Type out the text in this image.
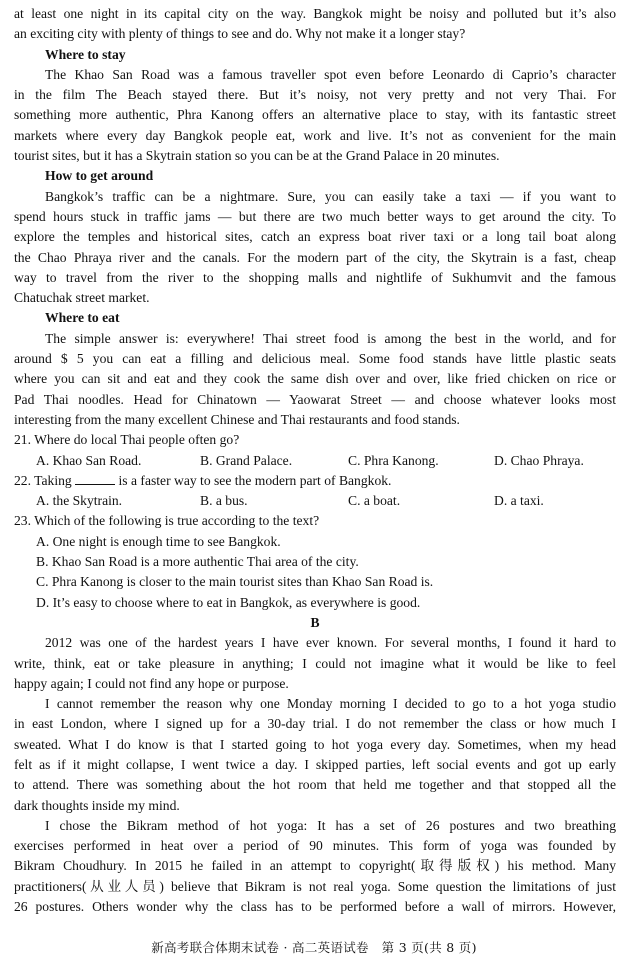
at least one night in its capital city on the way. Bangkok might be noisy and polluted but it’s also
an exciting city with plenty of things to see and do. Why not make it a longer stay?
Where to stay
The Khao San Road was a famous traveller spot even before Leonardo di Caprio’s character
in the film The Beach stayed there. But it’s noisy, not very pretty and not very Thai. For
something more authentic, Phra Kanong offers an alternative place to stay, with its fantastic street
markets where every day Bangkok people eat, work and live. It’s not as convenient for the main
tourist sites, but it has a Skytrain station so you can be at the Grand Palace in 20 minutes.
How to get around
Bangkok’s traffic can be a nightmare. Sure, you can easily take a taxi — if you want to
spend hours stuck in traffic jams — but there are two much better ways to get around the city. To
explore the temples and historical sites, catch an express boat river taxi or a long tail boat along
the Chao Phraya river and the canals. For the modern part of the city, the Skytrain is a fast, cheap
way to travel from the river to the shopping malls and nightlife of Sukhumvit and the famous
Chatuchak street market.
Where to eat
The simple answer is: everywhere! Thai street food is among the best in the world, and for
around $ 5 you can eat a filling and delicious meal. Some food stands have little plastic seats
where you can sit and eat and they cook the same dish over and over, like fried chicken on rice or
Pad Thai noodles. Head for Chinatown — Yaowarat Street — and choose whatever looks most
interesting from the many excellent Chinese and Thai restaurants and food stands.
21. Where do local Thai people often go?
A. Khao San Road.	B. Grand Palace.	C. Phra Kanong.	D. Chao Phraya.
22. Taking	is a faster way to see the modern part of Bangkok.
A. the Skytrain.	B. a bus.	C. a boat.	D. a taxi.
23. Which of the following is true according to the text?
A. One night is enough time to see Bangkok.
B. Khao San Road is a more authentic Thai area of the city.
C. Phra Kanong is closer to the main tourist sites than Khao San Road is.
D. It’s easy to choose where to eat in Bangkok, as everywhere is good.
B
2012 was one of the hardest years I have ever known. For several months, I found it hard to
write, think, eat or take pleasure in anything; I could not imagine what it would be like to feel
happy again; I could not find any hope or purpose.
I cannot remember the reason why one Monday morning I decided to go to a hot yoga studio
in east London, where I signed up for a 30-day trial. I do not remember the class or how much I
sweated. What I do know is that I started going to hot yoga every day. Sometimes, when my head
felt as if it might collapse, I went twice a day. I skipped parties, left social events and got up early
to attend. There was something about the hot room that held me together and that stopped all the
dark thoughts inside my mind.
I chose the Bikram method of hot yoga: It has a set of 26 postures and two breathing
exercises performed in heat over a period of 90 minutes. This form of yoga was founded by
Bikram Choudhury. In 2015 he failed in an attempt to copyright(取得版权) his method. Many
practitioners(从业人员) believe that Bikram is not real yoga. Some question the limitations of just
26 postures. Others wonder why the class has to be performed before a wall of mirrors. However,
新高考联合体期末试卷 · 高二英语试卷　第 3 页(共 8 页)
